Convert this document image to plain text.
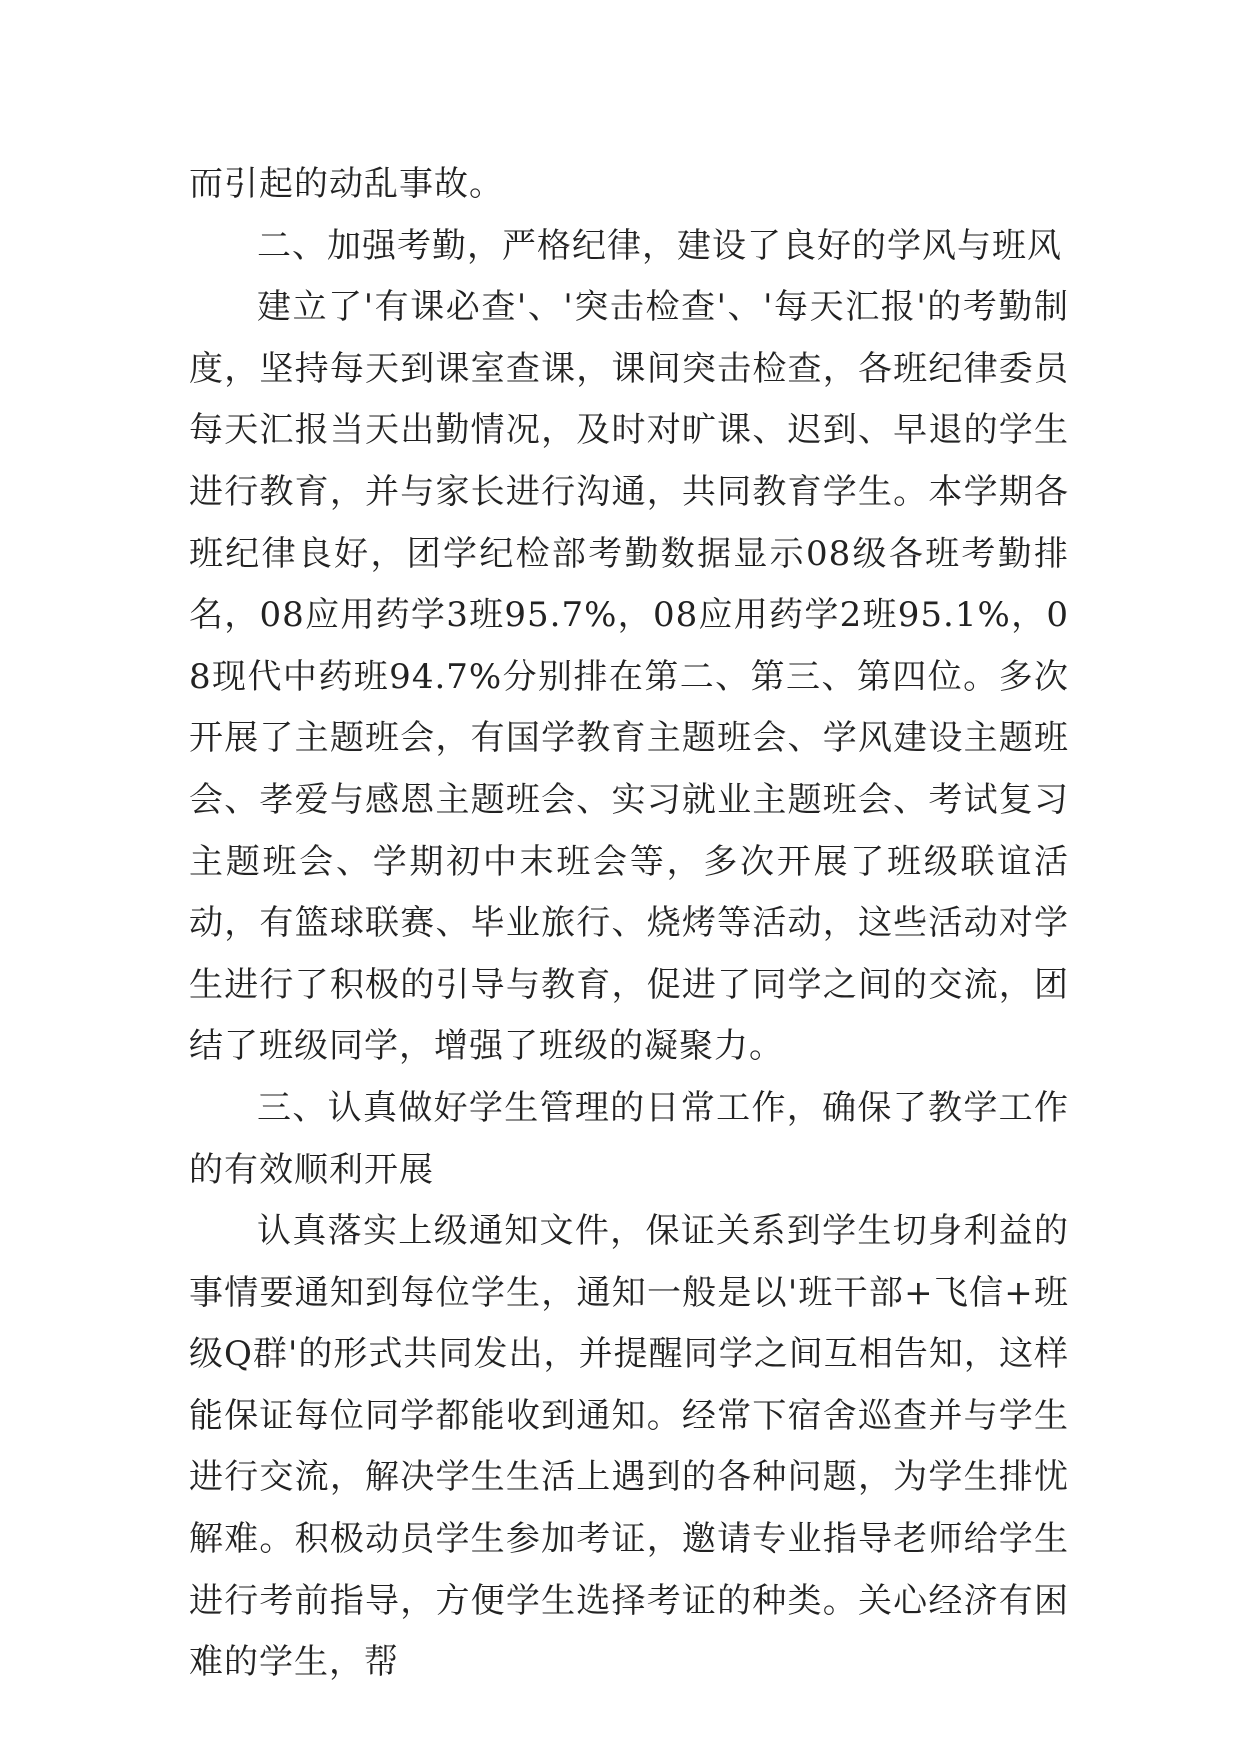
而引起的动乱事故。

二、加强考勤，严格纪律，建设了良好的学风与班风

建立了'有课必查'、'突击检查'、'每天汇报'的考勤制度，坚持每天到课室查课，课间突击检查，各班纪律委员每天汇报当天出勤情况，及时对旷课、迟到、早退的学生进行教育，并与家长进行沟通，共同教育学生。本学期各班纪律良好，团学纪检部考勤数据显示08级各班考勤排名，08应用药学3班95.7%，08应用药学2班95.1%，08现代中药班94.7%分别排在第二、第三、第四位。多次开展了主题班会，有国学教育主题班会、学风建设主题班会、孝爱与感恩主题班会、实习就业主题班会、考试复习主题班会、学期初中末班会等，多次开展了班级联谊活动，有篮球联赛、毕业旅行、烧烤等活动，这些活动对学生进行了积极的引导与教育，促进了同学之间的交流，团结了班级同学，增强了班级的凝聚力。

三、认真做好学生管理的日常工作，确保了教学工作的有效顺利开展

认真落实上级通知文件，保证关系到学生切身利益的事情要通知到每位学生，通知一般是以'班干部+飞信+班级Q群'的形式共同发出，并提醒同学之间互相告知，这样能保证每位同学都能收到通知。经常下宿舍巡查并与学生进行交流，解决学生生活上遇到的各种问题，为学生排忧解难。积极动员学生参加考证，邀请专业指导老师给学生进行考前指导，方便学生选择考证的种类。关心经济有困难的学生，帮
